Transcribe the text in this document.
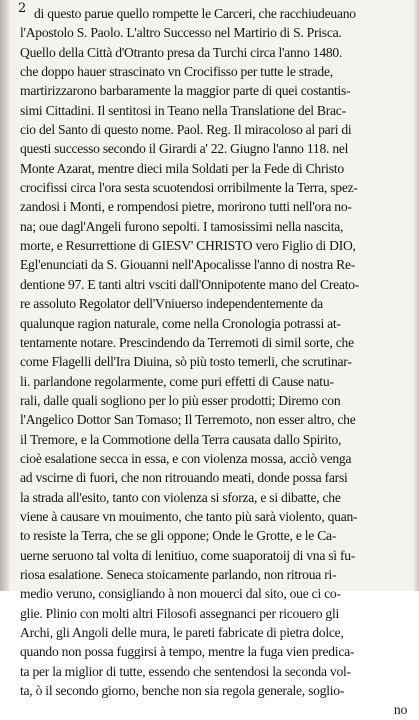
2 di questo parue quello rompette le Carceri, che racchiudeuano
l'Apostolo S. Paolo. L'altro Successo nel Martirio di S. Prisca.
Quello della Città d'Otranto presa da Turchi circa l'anno 1480.
che doppo hauer strascinato vn Crocifisso per tutte le strade,
martirizzarono barbaramente la maggior parte di quei costantis-
simi Cittadini. Il sentitosi in Teano nella Translatione del Brac-
cio del Santo di questo nome. Paol. Reg. Il miracoloso al pari di
questi successo secondo il Girardi a' 22. Giugno l'anno 118. nel
Monte Azarat, mentre dieci mila Soldati per la Fede di Christo
crocifissi circa l'ora sesta scuotendosi orribilmente la Terra, spez-
zandosi i Monti, e rompendosi pietre, morirono tutti nell'ora no-
na; oue dagl'Angeli furono sepolti. I tamosissimi nella nascita,
morte, e Resurrettione di GIESV' CHRISTO vero Figlio di DIO,
Egl'enunciati da S. Giouanni nell'Apocalisse l'anno di nostra Re-
dentione 97. E tanti altri vsciti dall'Onnipotente mano del Creato-
re assoluto Regolator dell'Vniuerso independentemente da
qualunque ragion naturale, come nella Cronologia potrassi at-
tentamente notare. Prescindendo da Terremoti di simil sorte, che
come Flagelli dell'Ira Diuina, sò più tosto temerli, che scrutinar-
li. parlandone regolarmente, come puri effetti di Cause natu-
rali, dalle quali sogliono per lo più esser prodotti; Diremo con
l'Angelico Dottor San Tomaso; Il Terremoto, non esser altro, che
il Tremore, e la Commotione della Terra causata dallo Spirito,
cioè esalatione secca in essa, e con violenza mossa, acciò venga
ad vscirne di fuori, che non ritrouando meati, donde possa farsi
la strada all'esito, tanto con violenza si sforza, e si dibatte, che
viene à causare vn mouimento, che tanto più sarà violento, quan-
to resiste la Terra, che se gli oppone; Onde le Grotte, e le Ca-
uerne seruono tal volta di lenitiuo, come suaporatoij di vna sì fu-
riosa esalatione. Seneca stoicamente parlando, non ritroua ri-
medio veruno, consigliando à non mouerci dal sito, oue ci co-
glie. Plinio con molti altri Filosofi assegnanci per ricouero gli
Archi, gli Angoli delle mura, le pareti fabricate di pietra dolce,
quando non possa fuggirsi à tempo, mentre la fuga vien predica-
ta per la miglior di tutte, essendo che sentendosi la seconda vol-
ta, ò il secondo giorno, benche non sia regola generale, soglio-
no
